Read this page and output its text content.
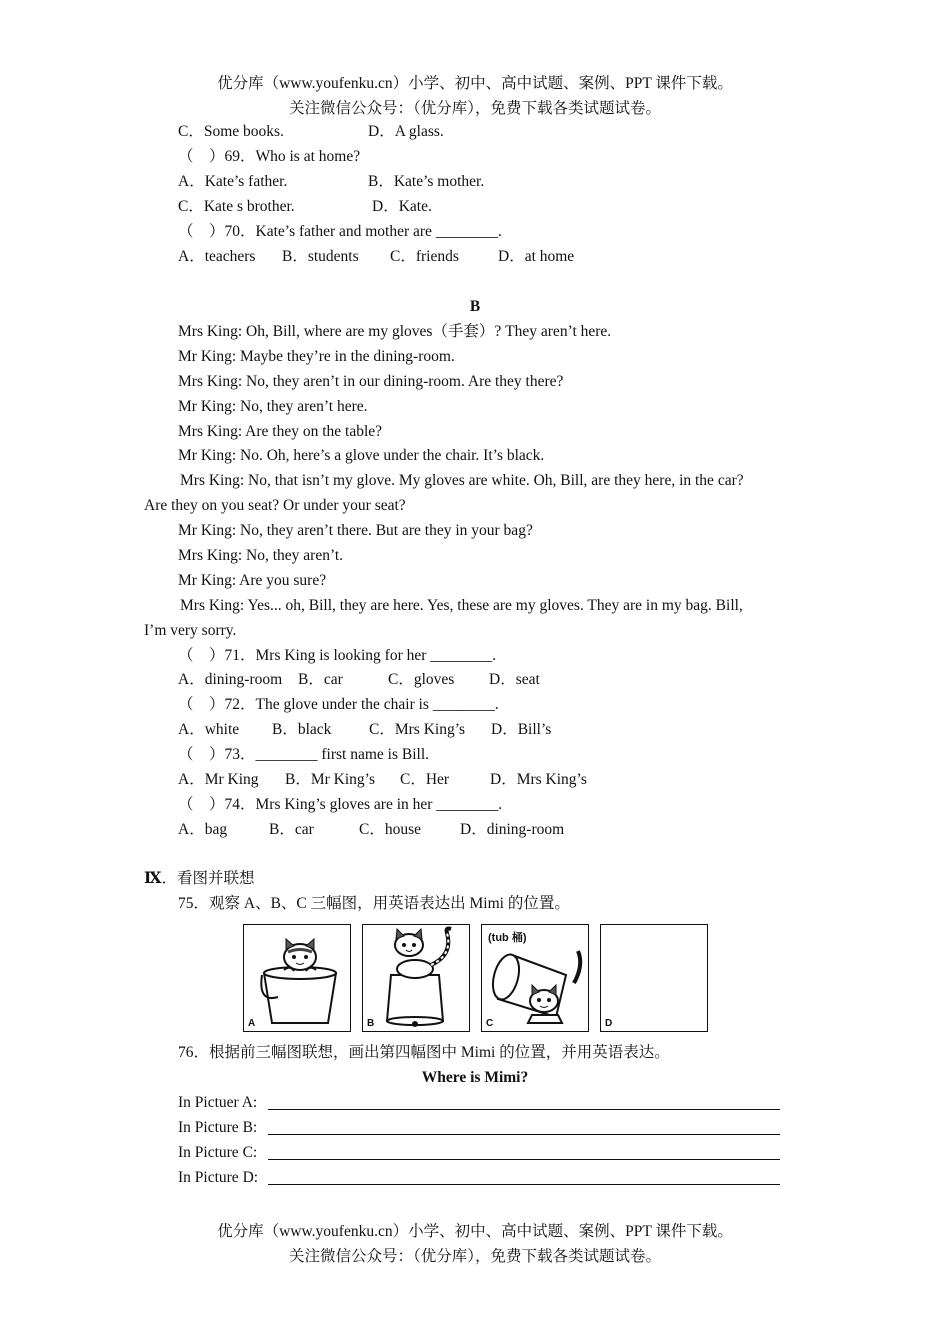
优分库（www.youfenku.cn）小学、初中、高中试题、案例、PPT 课件下载。
关注微信公众号：（优分库），免费下载各类试题试卷。
C．Some books.	D．A glass.
（　）69．Who is at home?
A．Kate’s father.	B．Kate’s mother.
C．Kate s brother.	D．Kate.
（　）70．Kate’s father and mother are ________.
A．teachers B．students C．friends	D．at home
B
Mrs King: Oh, Bill, where are my gloves（手套）? They aren’t here.
Mr King: Maybe they’re in the dining-room.
Mrs King: No, they aren’t in our dining-room. Are they there?
Mr King: No, they aren’t here.
Mrs King: Are they on the table?
Mr King: No. Oh, here’s a glove under the chair. It’s black.
Mrs King: No, that isn’t my glove. My gloves are white. Oh, Bill, are they here, in the car?
Are they on you seat? Or under your seat?
Mr King: No, they aren’t there. But are they in your bag?
Mrs King: No, they aren’t.
Mr King: Are you sure?
Mrs King: Yes... oh, Bill, they are here. Yes, these are my gloves. They are in my bag. Bill,
I’m very sorry.
（　）71．Mrs King is looking for her ________.
A．dining-room B．car	C．gloves D．seat
（　）72．The glove under the chair is ________.
A．white B．black C．Mrs King’s D．Bill’s
（　）73．________ first name is Bill.
A．Mr King B．Mr King’s C．Her	D．Mrs King’s
（　）74．Mrs King’s gloves are in her ________.
A．bag	B．car	C．house	D．dining-room
Ⅸ．看图并联想
75．观察 A、B、C 三幅图，用英语表达出 Mimi 的位置。
A	B
(tub 桶)
C	D
76．根据前三幅图联想，画出第四幅图中 Mimi 的位置，并用英语表达。
Where is Mimi?
In Pictuer A:
In Picture B:
In Picture C:
In Picture D:
优分库（www.youfenku.cn）小学、初中、高中试题、案例、PPT 课件下载。
关注微信公众号：（优分库），免费下载各类试题试卷。
